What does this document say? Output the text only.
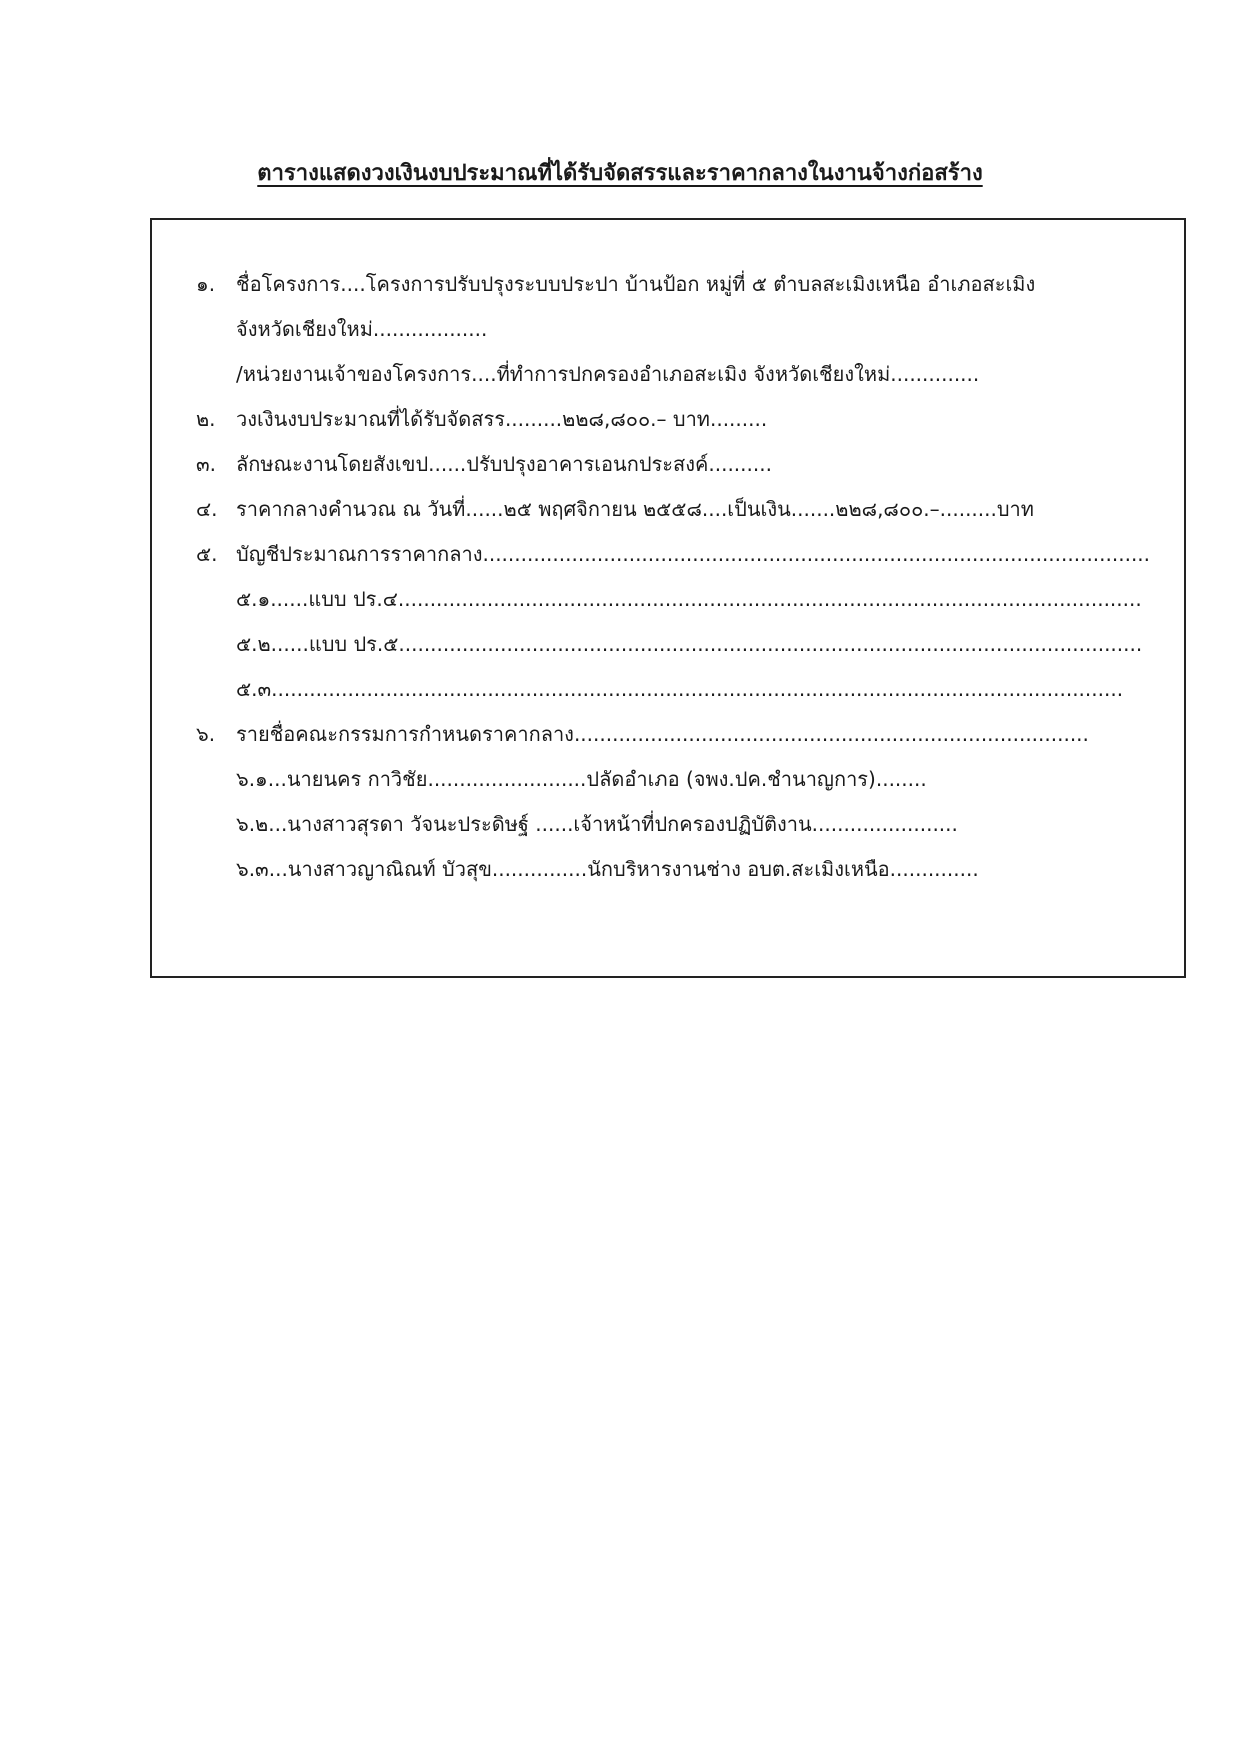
ตารางแสดงวงเงินงบประมาณที่ได้รับจัดสรรและราคากลางในงานจ้างก่อสร้าง
๑. ชื่อโครงการ....โครงการปรับปรุงระบบประปา บ้านป้อก หมู่ที่ ๕ ตำบลสะเมิงเหนือ อำเภอสะเมิง
จังหวัดเชียงใหม่..................
/หน่วยงานเจ้าของโครงการ....ที่ทำการปกครองอำเภอสะเมิง จังหวัดเชียงใหม่..............
๒. วงเงินงบประมาณที่ได้รับจัดสรร.........๒๒๘,๘๐๐.– บาท.........
๓. ลักษณะงานโดยสังเขป......ปรับปรุงอาคารเอนกประสงค์..........
๔. ราคากลางคำนวณ ณ วันที่......๒๕ พฤศจิกายน ๒๕๕๘....เป็นเงิน.......๒๒๘,๘๐๐.–.........บาท
๕. บัญชีประมาณการราคากลาง.........................................................................................................
๕.๑......แบบ ปร.๔.....................................................................................................................
๕.๒......แบบ ปร.๕.....................................................................................................................
๕.๓......................................................................................................................................
๖. รายชื่อคณะกรรมการกำหนดราคากลาง.................................................................................
๖.๑...นายนคร กาวิชัย.........................ปลัดอำเภอ (จพง.ปค.ชำนาญการ)........
๖.๒...นางสาวสุรดา วัจนะประดิษฐ์ ......เจ้าหน้าที่ปกครองปฏิบัติงาน.......................
๖.๓...นางสาวญาณิณท์ บัวสุข...............นักบริหารงานช่าง อบต.สะเมิงเหนือ..............
